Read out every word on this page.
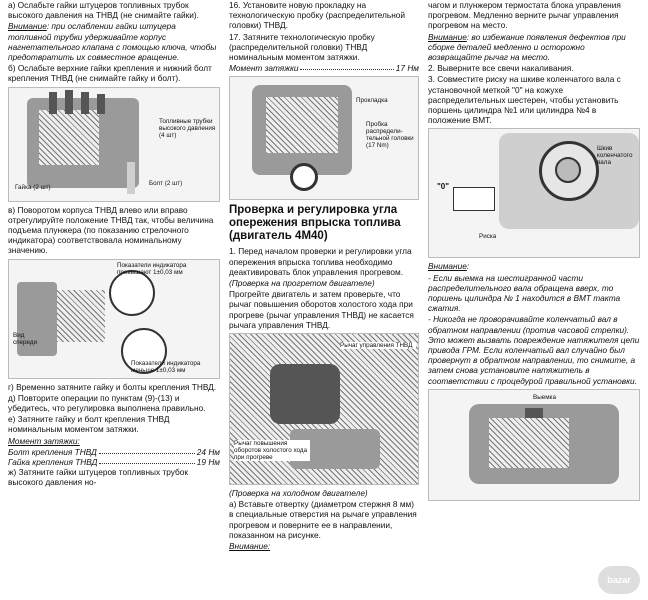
а) Ослабьте гайки штуцеров топливных трубок высокого давления на ТНВД (не снимайте гайки).

Внимание: при ослаблении гайки штуцера топливной трубки удерживайте корпус нагнетательного клапана с помощью ключа, чтобы предотвратить их совместное вращение.

б) Ослабьте верхние гайки крепления и нижний болт крепления ТНВД (не снимайте гайку и болт).

Топливные трубки высокого давления (4 шт)
Гайка (2 шт)
Болт (2 шт)

в) Поворотом корпуса ТНВД влево или вправо отрегулируйте положение ТНВД так, чтобы величина подъема плунжера (по показанию стрелочного индикатора) соответствовала номинальному значению.

Показатели индикатора превышают 1±0,03 мм
Показатели индикатора меньше 1±0,03 мм
Вид спереди

г) Временно затяните гайку и болты крепления ТНВД.

д) Повторите операции по пунктам (9)-(13) и убедитесь, что регулировка выполнена правильно.

е) Затяните гайку и болт крепления ТНВД номинальным моментом затяжки.

Момент затяжки:

Болт крепления ТНВД	24 Нм
Гайка крепления ТНВД	19 Нм

ж) Затяните гайки штуцеров топливных трубок высокого давления но-

16. Установите новую прокладку на технологическую пробку (распределительной головки) ТНВД.

17. Затяните технологическую пробку (распределительной головки) ТНВД номинальным моментом затяжки.

Момент затяжки	17 Нм
Прокладка
Пробка распредели- тельной головки (17 Nm)
Проверка и регулировка угла опережения впрыска топлива (двигатель 4М40)

1. Перед началом проверки и регулировки угла опережения впрыска топлива необходимо деактивировать блок управления прогревом.

(Проверка на прогретом двигателе)

Прогрейте двигатель и затем проверьте, что рычаг повышения оборотов холостого хода при прогреве (рычаг управления ТНВД) не касается рычага управления ТНВД.

Рычаг управления ТНВД
Рычаг повышения оборотов холостого хода при прогреве

(Проверка на холодном двигателе)

а) Вставьте отвертку (диаметром стержня 8 мм) в специальные отверстия на рычаге управления прогревом и поверните ее в направлении, показанном на рисунке.

Внимание:

чагом и плунжером термостата блока управления прогревом. Медленно верните рычаг управления прогревом на место.

Внимание: во избежание появления дефектов при сборке деталей медленно и осторожно возвращайте рычаг на место.

2. Выверните все свечи накаливания.

3. Совместите риску на шкиве коленчатого вала с установочной меткой "0" на кожухе распределительных шестерен, чтобы установить поршень цилиндра №1 или цилиндра №4 в положение ВМТ.

"0"
Шкив коленчатого вала
Риска

Внимание:

- Если выемка на шестигранной части распределительного вала обращена вверх, то поршень цилиндра № 1 находится в ВМТ такта сжатия.

- Никогда не проворачивайте коленчатый вал в обратном направлении (против часовой стрелки). Это может вызвать повреждение натяжителя цепи привода ГРМ. Если коленчатый вал случайно был провернут в обратном направлении, то снимите, а затем снова установите натяжитель в соответствии с процедурой правильной установки.

Выемка
bazar
